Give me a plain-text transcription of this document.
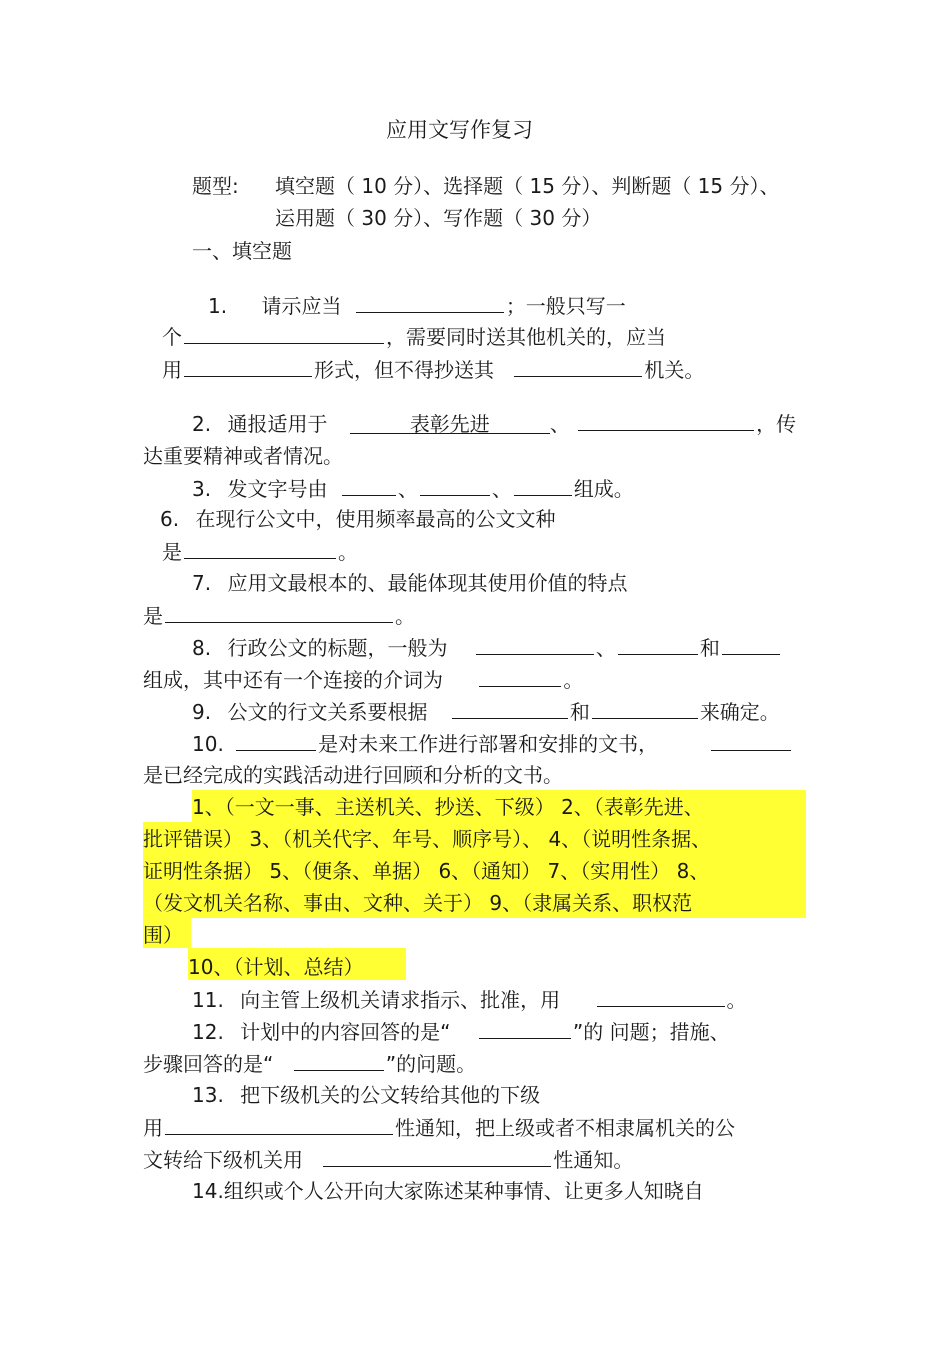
应用文写作复习
题型: 填空题（ 10 分）、选择题（ 15 分）、判断题（ 15 分）、
运用题（ 30 分）、写作题（ 30 分）
一、填空题
1. 请示应当	；一般只写一
个	，需要同时送其他机关的，应当
用	形式，但不得抄送其	机关。
2. 通报适用于	表彰先进	、	，传
达重要精神或者情况。
3. 发文字号由	、	、	组成。
6. 在现行公文中，使用频率最高的公文文种
是	。
7. 应用文最根本的、最能体现其使用价值的特点
是	。
8. 行政公文的标题，一般为	、	和
组成，其中还有一个连接的介词为	。
9. 公文的行文关系要根据	和	来确定。
10.	是对未来工作进行部署和安排的文书，
是已经完成的实践活动进行回顾和分析的文书。
1、（一文一事、主送机关、抄送、下级） 2、（表彰先进、
批评错误） 3、（机关代字、年号、顺序号）、 4、（说明性条据、
证明性条据） 5、（便条、单据） 6、（通知） 7、（实用性） 8、
（发文机关名称、事由、文种、关于） 9、（隶属关系、职权范
围）
10、（计划、总结）
11. 向主管上级机关请求指示、批准，用	。
12. 计划中的内容回答的是“	”的 问题；措施、
步骤回答的是“	”的问题。
13. 把下级机关的公文转给其他的下级
用	性通知，把上级或者不相隶属机关的公
文转给下级机关用	性通知。
14.组织或个人公开向大家陈述某种事情、让更多人知晓自
